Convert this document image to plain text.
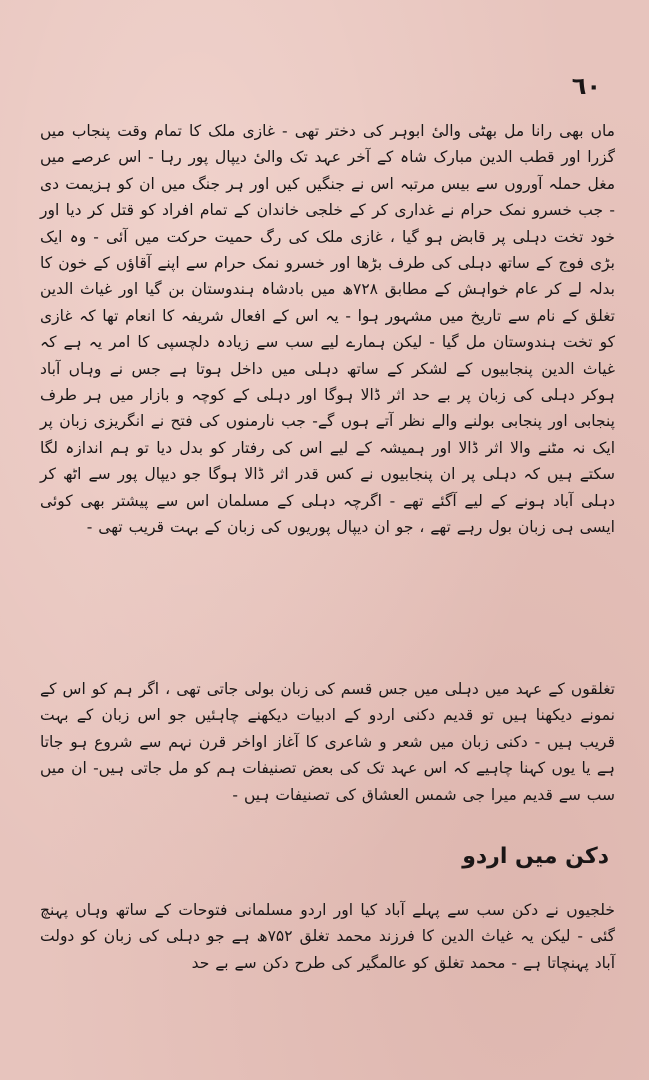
٦٠
ماں بھی رانا مل بھٹی والیٔ ابوہر کی دختر تھی - غازی ملک کا تمام وقت پنجاب میں گزرا اور قطب الدین مبارک شاہ کے آخر عہد تک والیٔ دیپال پور رہا - اس عرصے میں مغل حملہ آوروں سے بیس مرتبہ اس نے جنگیں کیں اور ہر جنگ میں ان کو ہزیمت دی - جب خسرو نمک حرام نے غداری کر کے خلجی خاندان کے تمام افراد کو قتل کر دیا اور خود تخت دہلی پر قابض ہو گیا ، غازی ملک کی رگ حمیت حرکت میں آئی - وہ ایک بڑی فوج کے ساتھ دہلی کی طرف بڑھا اور خسرو نمک حرام سے اپنے آقاؤں کے خون کا بدلہ لے کر عام خواہش کے مطابق ۷۲۸ھ میں بادشاہ ہندوستان بن گیا اور غیاث الدین تغلق کے نام سے تاریخ میں مشہور ہوا - یہ اس کے افعال شریفہ کا انعام تھا کہ غازی کو تخت ہندوستان مل گیا - لیکن ہمارے لیے سب سے زیادہ دلچسپی کا امر یہ ہے کہ غیاث الدین پنجابیوں کے لشکر کے ساتھ دہلی میں داخل ہوتا ہے جس نے وہاں آباد ہوکر دہلی کی زبان پر بے حد اثر ڈالا ہوگا اور دہلی کے کوچہ و بازار میں ہر طرف پنجابی اور پنجابی بولنے والے نظر آتے ہوں گے- جب نارمنوں کی فتح نے انگریزی زبان پر ایک نہ مٹنے والا اثر ڈالا اور ہمیشہ کے لیے اس کی رفتار کو بدل دیا تو ہم اندازہ لگا سکتے ہیں کہ دہلی پر ان پنجابیوں نے کس قدر اثر ڈالا ہوگا جو دیپال پور سے اٹھ کر دہلی آباد ہونے کے لیے آگئے تھے - اگرچہ دہلی کے مسلمان اس سے پیشتر بھی کوئی ایسی ہی زبان بول رہے تھے ، جو ان دیپال پوریوں کی زبان کے بہت قریب تھی -
تغلقوں کے عہد میں دہلی میں جس قسم کی زبان بولی جاتی تھی ، اگر ہم کو اس کے نمونے دیکھنا ہیں تو قدیم دکنی اردو کے ادبیات دیکھنے چاہئیں جو اس زبان کے بہت قریب ہیں - دکنی زبان میں شعر و شاعری کا آغاز اواخر قرن نہم سے شروع ہو جاتا ہے یا یوں کہنا چاہیے کہ اس عہد تک کی بعض تصنیفات ہم کو مل جاتی ہیں- ان میں سب سے قدیم میرا جی شمس العشاق کی تصنیفات ہیں -
دکن میں اردو
خلجیوں نے دکن سب سے پہلے آباد کیا اور اردو مسلمانی فتوحات کے ساتھ وہاں پہنچ گئی - لیکن یہ غیاث الدین کا فرزند محمد تغلق ۷۵۲ھ ہے جو دہلی کی زبان کو دولت آباد پہنچاتا ہے - محمد تغلق کو عالمگیر کی طرح دکن سے بے حد
